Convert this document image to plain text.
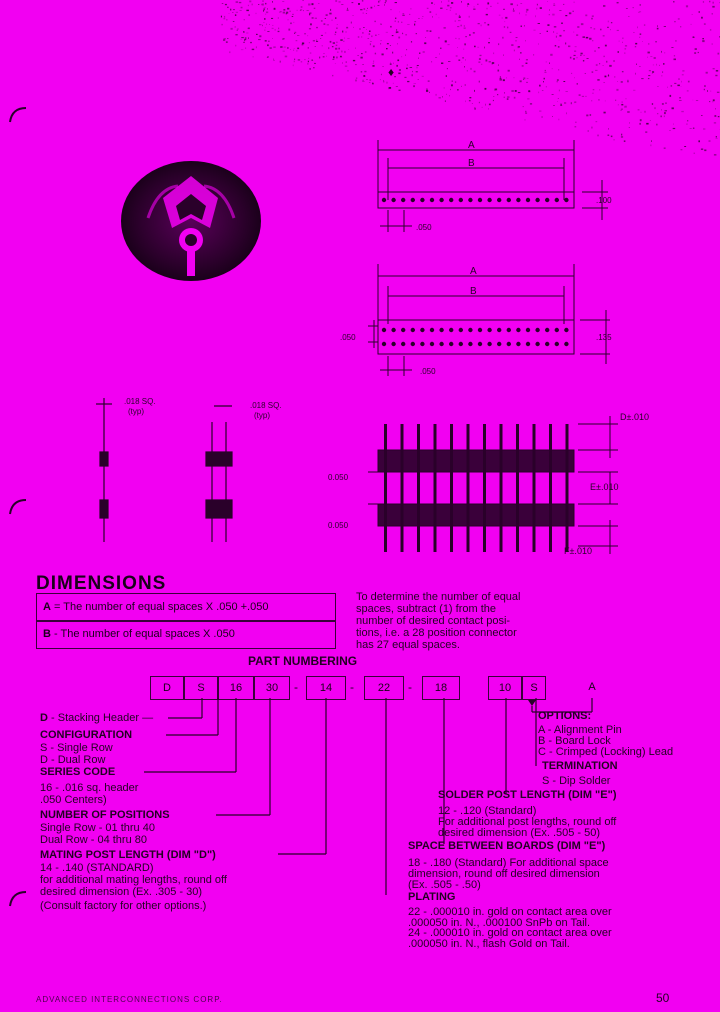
♦
A
B
.100
.050
A
B
.135
.050
.050
.018 SQ.
(typ)
.018 SQ.
(typ)	D±.010
E±.010
F±.010
0.050
0.050
DIMENSIONS
A = The number of equal spaces X .050 +.050
B - The number of equal spaces X .050
To determine the number of equal
spaces, subtract (1) from the
number of desired contact posi-
tions, i.e. a 28 position connector
has 27 equal spaces.
PART NUMBERING
D	S	16	30	-	14	-	22	-	18	10	S	A
D - Stacking Header —
CONFIGURATION
S - Single Row
D - Dual Row
SERIES CODE
16 - .016 sq. header
.050 Centers)
NUMBER OF POSITIONS
Single Row - 01 thru 40
Dual Row - 04 thru 80
MATING POST LENGTH (DIM "D")
14 - .140 (STANDARD)
for additional mating lengths, round off
desired dimension (Ex. .305 - 30)
(Consult factory for other options.)
OPTIONS:
A - Alignment Pin
B - Board Lock
C - Crimped (Locking) Lead
TERMINATION
S - Dip Solder
SOLDER POST LENGTH (DIM "E")
12 - .120 (Standard)
For additional post lengths, round off
desired dimension (Ex. .505 - 50)
SPACE BETWEEN BOARDS (DIM "E")
18 - .180 (Standard) For additional space
dimension, round off desired dimension
(Ex. .505 - .50)
PLATING
22 - .000010 in. gold on contact area over
.000050 in. N., .000100 SnPb on Tail.
24 - .000010 in. gold on contact area over
.000050 in. N., flash Gold on Tail.
ADVANCED INTERCONNECTIONS CORP.	50
